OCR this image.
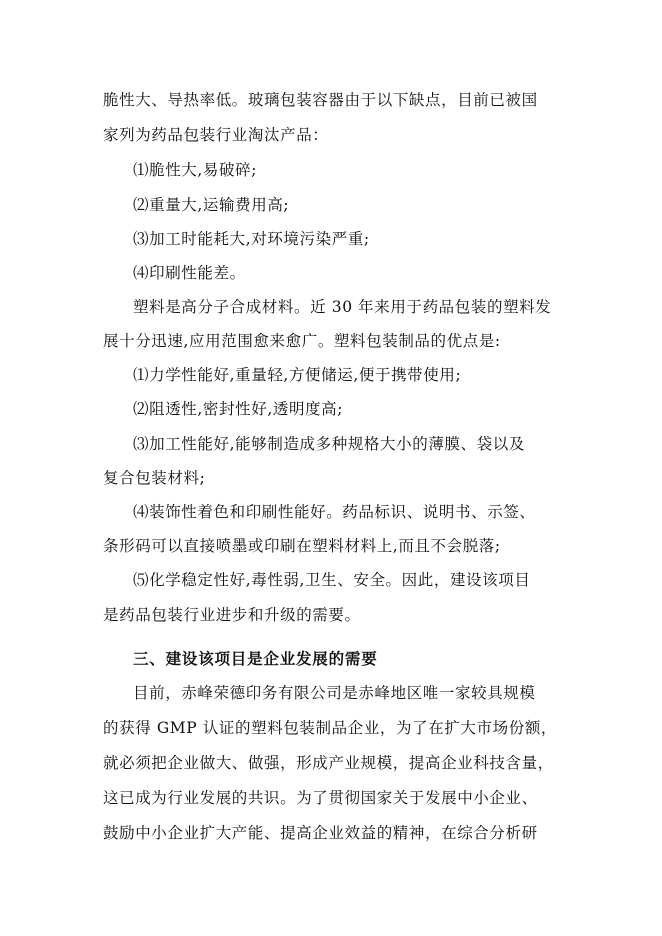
脆性大、导热率低。玻璃包装容器由于以下缺点，目前已被国
家列为药品包装行业淘汰产品：
⑴脆性大,易破碎;
⑵重量大,运输费用高;
⑶加工时能耗大,对环境污染严重;
⑷印刷性能差。
塑料是高分子合成材料。近 30 年来用于药品包装的塑料发
展十分迅速,应用范围愈来愈广。塑料包装制品的优点是:
⑴力学性能好,重量轻,方便储运,便于携带使用;
⑵阻透性,密封性好,透明度高;
⑶加工性能好,能够制造成多种规格大小的薄膜、袋以及
复合包装材料;
⑷装饰性着色和印刷性能好。药品标识、说明书、示签、
条形码可以直接喷墨或印刷在塑料材料上,而且不会脱落;
⑸化学稳定性好,毒性弱,卫生、安全。因此，建设该项目
是药品包装行业进步和升级的需要。
三、建设该项目是企业发展的需要
目前，赤峰荣德印务有限公司是赤峰地区唯一家较具规模
的获得 GMP 认证的塑料包装制品企业，为了在扩大市场份额，
就必须把企业做大、做强，形成产业规模，提高企业科技含量，
这已成为行业发展的共识。为了贯彻国家关于发展中小企业、
鼓励中小企业扩大产能、提高企业效益的精神，在综合分析研
